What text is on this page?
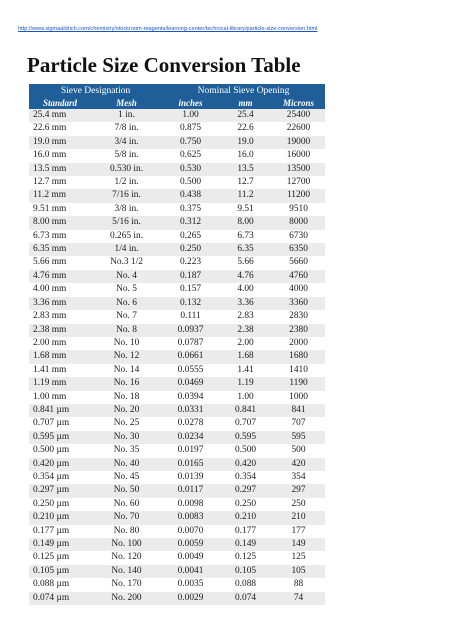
http://www.sigmaaldrich.com/chemistry/stockroom-reagents/learning-center/technical-library/particle-size-conversion.html
Particle Size Conversion Table
Sieve Designation		Nominal Sieve Opening		
Standard	Mesh	inches	mm	Microns
25.4 mm	1 in.	1.00	25.4	25400
22.6 mm	7/8 in.	0.875	22.6	22600
19.0 mm	3/4 in.	0.750	19.0	19000
16.0 mm	5/8 in.	0.625	16.0	16000
13.5 mm	0.530 in.	0.530	13.5	13500
12.7 mm	1/2 in.	0.500	12.7	12700
11.2 mm	7/16 in.	0.438	11.2	11200
9.51 mm	3/8 in.	0.375	9.51	9510
8.00 mm	5/16 in.	0.312	8.00	8000
6.73 mm	0.265 in.	0.265	6.73	6730
6.35 mm	1/4 in.	0.250	6.35	6350
5.66 mm	No.3 1/2	0.223	5.66	5660
4.76 mm	No. 4	0.187	4.76	4760
4.00 mm	No. 5	0.157	4.00	4000
3.36 mm	No. 6	0.132	3.36	3360
2.83 mm	No. 7	0.111	2.83	2830
2.38 mm	No. 8	0.0937	2.38	2380
2.00 mm	No. 10	0.0787	2.00	2000
1.68 mm	No. 12	0.0661	1.68	1680
1.41 mm	No. 14	0.0555	1.41	1410
1.19 mm	No. 16	0.0469	1.19	1190
1.00 mm	No. 18	0.0394	1.00	1000
0.841 µm	No. 20	0.0331	0.841	841
0.707 µm	No. 25	0.0278	0.707	707
0.595 µm	No. 30	0.0234	0.595	595
0.500 µm	No. 35	0.0197	0.500	500
0.420 µm	No. 40	0.0165	0.420	420
0.354 µm	No. 45	0.0139	0.354	354
0.297 µm	No. 50	0.0117	0.297	297
0.250 µm	No. 60	0.0098	0.250	250
0.210 µm	No. 70	0.0083	0.210	210
0.177 µm	No. 80	0.0070	0.177	177
0.149 µm	No. 100	0.0059	0.149	149
0.125 µm	No. 120	0.0049	0.125	125
0.105 µm	No. 140	0.0041	0.105	105
0.088 µm	No. 170	0.0035	0.088	88
0.074 µm	No. 200	0.0029	0.074	74
